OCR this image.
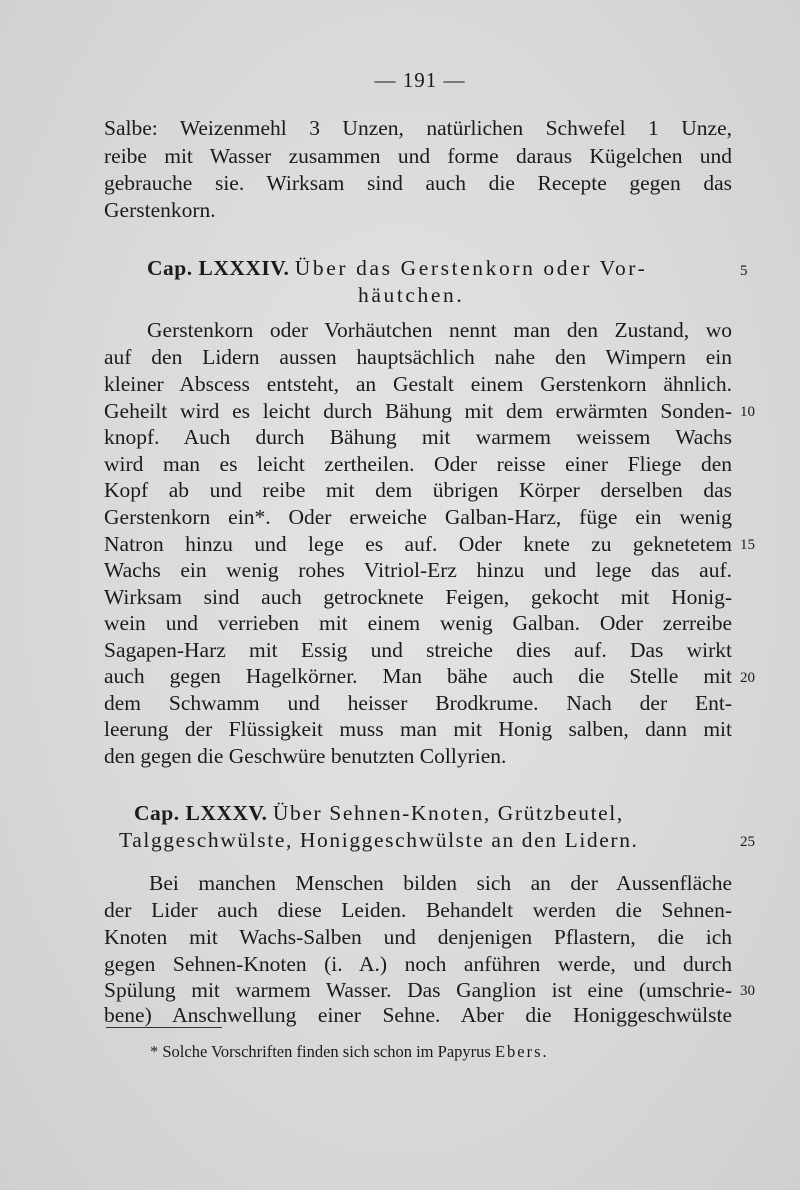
— 191 —
Salbe: Weizenmehl 3 Unzen, natürlichen Schwefel 1 Unze,
reibe mit Wasser zusammen und forme daraus Kügelchen und
gebrauche sie. Wirksam sind auch die Recepte gegen das
Gerstenkorn.
Cap. LXXXIV. Über das Gerstenkorn oder Vor-
häutchen.
Gerstenkorn oder Vorhäutchen nennt man den Zustand, wo
auf den Lidern aussen hauptsächlich nahe den Wimpern ein
kleiner Abscess entsteht, an Gestalt einem Gerstenkorn ähnlich.
Geheilt wird es leicht durch Bähung mit dem erwärmten Sonden-
knopf. Auch durch Bähung mit warmem weissem Wachs
wird man es leicht zertheilen. Oder reisse einer Fliege den
Kopf ab und reibe mit dem übrigen Körper derselben das
Gerstenkorn ein*. Oder erweiche Galban-Harz, füge ein wenig
Natron hinzu und lege es auf. Oder knete zu geknetetem
Wachs ein wenig rohes Vitriol-Erz hinzu und lege das auf.
Wirksam sind auch getrocknete Feigen, gekocht mit Honig-
wein und verrieben mit einem wenig Galban. Oder zerreibe
Sagapen-Harz mit Essig und streiche dies auf. Das wirkt
auch gegen Hagelkörner. Man bähe auch die Stelle mit
dem Schwamm und heisser Brodkrume. Nach der Ent-
leerung der Flüssigkeit muss man mit Honig salben, dann mit
den gegen die Geschwüre benutzten Collyrien.
Cap. LXXXV. Über Sehnen-Knoten, Grützbeutel,
Talggeschwülste, Honiggeschwülste an den Lidern.
Bei manchen Menschen bilden sich an der Aussenfläche
der Lider auch diese Leiden. Behandelt werden die Sehnen-
Knoten mit Wachs-Salben und denjenigen Pflastern, die ich
gegen Sehnen-Knoten (i. A.) noch anführen werde, und durch
Spülung mit warmem Wasser. Das Ganglion ist eine (umschrie-
bene) Anschwellung einer Sehne. Aber die Honiggeschwülste
5
10
15
20
25
30
* Solche Vorschriften finden sich schon im Papyrus Ebers.
